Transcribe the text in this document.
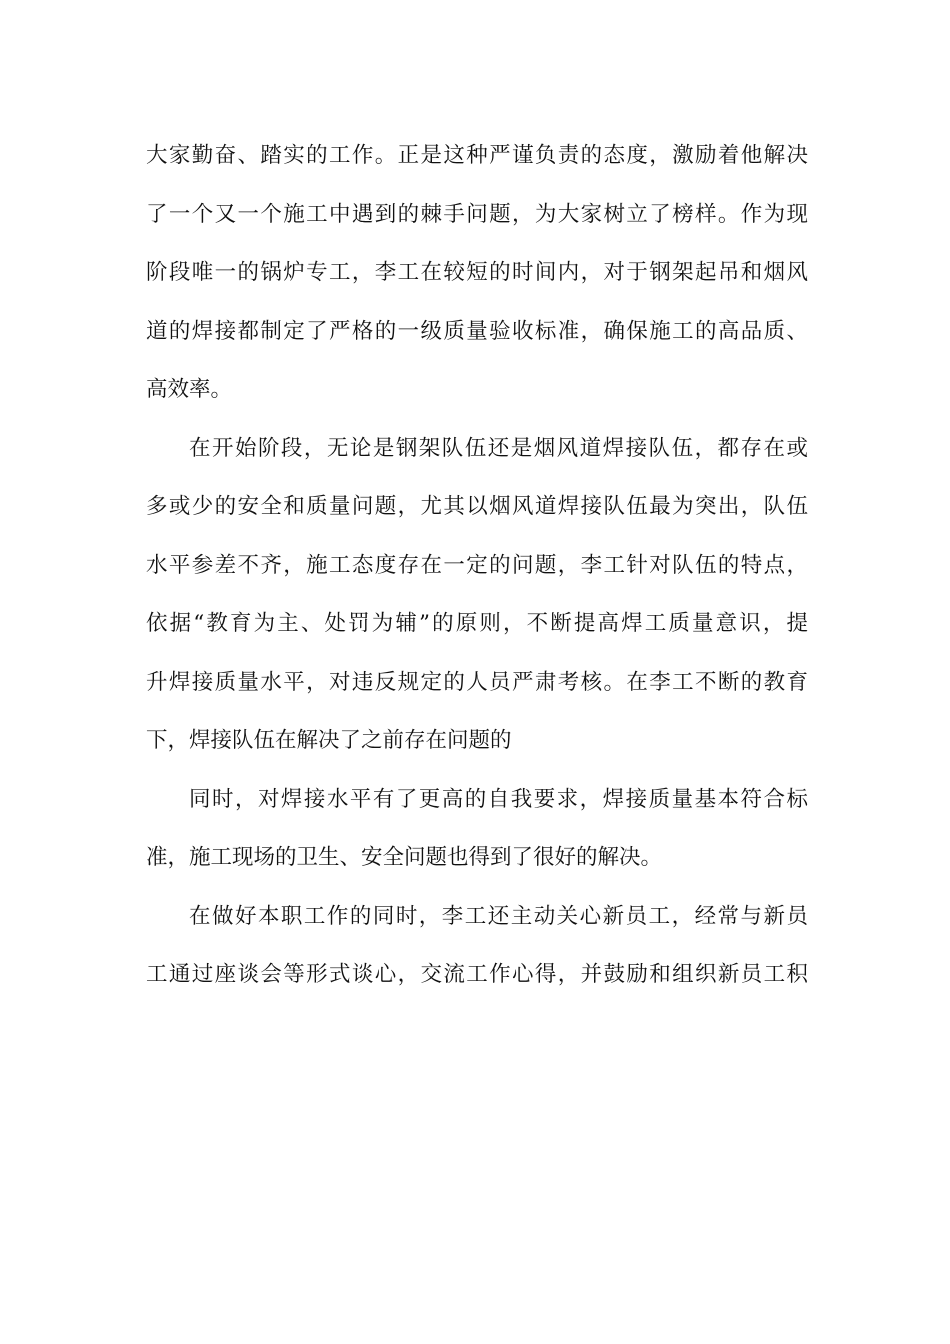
大家勤奋、踏实的工作。正是这种严谨负责的态度，激励着他解决
了一个又一个施工中遇到的棘手问题，为大家树立了榜样。作为现
阶段唯一的锅炉专工，李工在较短的时间内，对于钢架起吊和烟风
道的焊接都制定了严格的一级质量验收标准，确保施工的高品质、
高效率。
在开始阶段，无论是钢架队伍还是烟风道焊接队伍，都存在或
多或少的安全和质量问题，尤其以烟风道焊接队伍最为突出，队伍
水平参差不齐，施工态度存在一定的问题，李工针对队伍的特点，
依据“教育为主、处罚为辅”的原则，不断提高焊工质量意识，提
升焊接质量水平，对违反规定的人员严肃考核。在李工不断的教育
下，焊接队伍在解决了之前存在问题的
同时，对焊接水平有了更高的自我要求，焊接质量基本符合标
准，施工现场的卫生、安全问题也得到了很好的解决。
在做好本职工作的同时，李工还主动关心新员工，经常与新员
工通过座谈会等形式谈心，交流工作心得，并鼓励和组织新员工积
